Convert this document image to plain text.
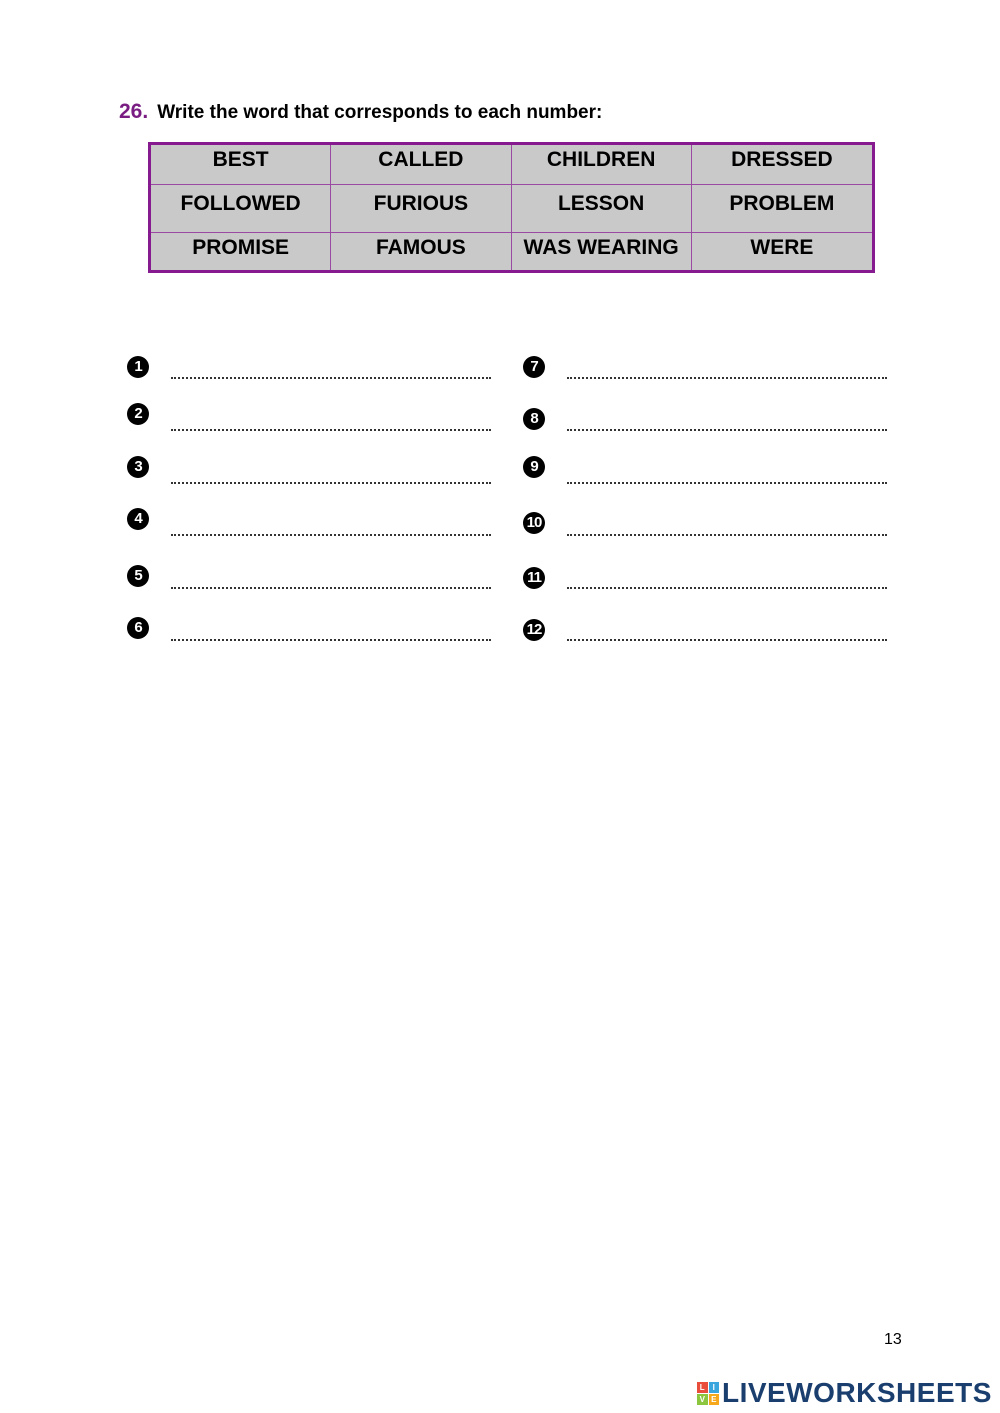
26. Write the word that corresponds to each number:
BEST	CALLED	CHILDREN	DRESSED
FOLLOWED	FURIOUS	LESSON	PROBLEM
PROMISE	FAMOUS	WAS WEARING	WERE
1
2
3
4
5
6
7
8
9
10
11
12
13
L I
V E LIVEWORKSHEETS
